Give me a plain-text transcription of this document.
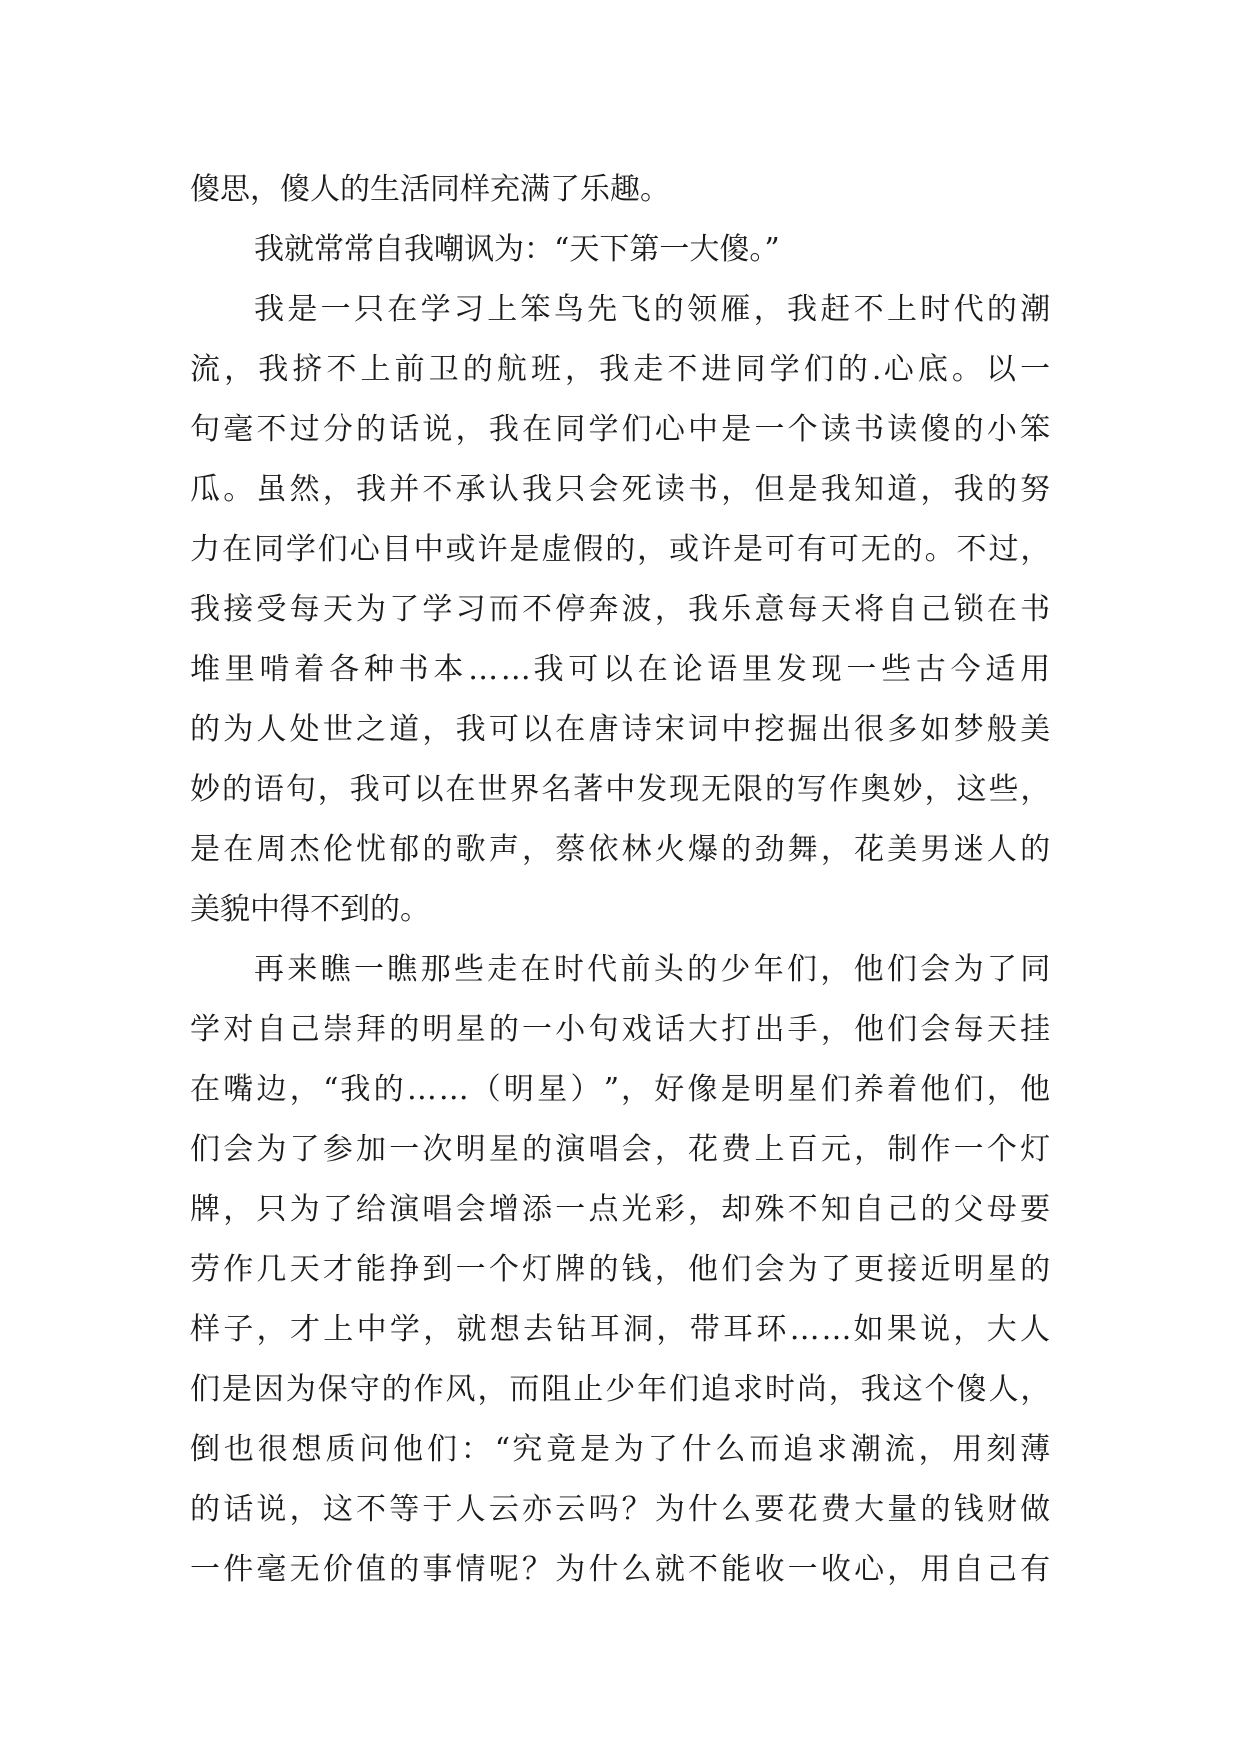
傻思，傻人的生活同样充满了乐趣。
我就常常自我嘲讽为：“天下第一大傻。”
我 是 一 只 在 学 习 上 笨 鸟 先 飞 的 领 雁 ， 我 赶 不 上 时 代 的 潮
流 ， 我 挤 不 上 前 卫 的 航 班 ， 我 走 不 进 同 学 们 的 . 心 底 。 以 一
句 毫 不 过 分 的 话 说 ， 我 在 同 学 们 心 中 是 一 个 读 书 读 傻 的 小 笨
瓜 。 虽 然 ， 我 并 不 承 认 我 只 会 死 读 书 ， 但 是 我 知 道 ， 我 的 努
力 在 同 学 们 心 目 中 或 许 是 虚 假 的 ， 或 许 是 可 有 可 无 的 。 不 过 ，
我 接 受 每 天 为 了 学 习 而 不 停 奔 波 ， 我 乐 意 每 天 将 自 己 锁 在 书
堆 里 啃 着 各 种 书 本 … … 我 可 以 在 论 语 里 发 现 一 些 古 今 适 用
的 为 人 处 世 之 道 ， 我 可 以 在 唐 诗 宋 词 中 挖 掘 出 很 多 如 梦 般 美
妙 的 语 句 ， 我 可 以 在 世 界 名 著 中 发 现 无 限 的 写 作 奥 妙 ， 这 些 ，
是 在 周 杰 伦 忧 郁 的 歌 声 ， 蔡 依 林 火 爆 的 劲 舞 ， 花 美 男 迷 人 的
美貌中得不到的。
再 来 瞧 一 瞧 那 些 走 在 时 代 前 头 的 少 年 们 ， 他 们 会 为 了 同
学 对 自 己 崇 拜 的 明 星 的 一 小 句 戏 话 大 打 出 手 ， 他 们 会 每 天 挂
在 嘴 边 ， “ 我 的 … … （ 明 星 ） ” ， 好 像 是 明 星 们 养 着 他 们 ， 他
们 会 为 了 参 加 一 次 明 星 的 演 唱 会 ， 花 费 上 百 元 ， 制 作 一 个 灯
牌 ， 只 为 了 给 演 唱 会 增 添 一 点 光 彩 ， 却 殊 不 知 自 己 的 父 母 要
劳 作 几 天 才 能 挣 到 一 个 灯 牌 的 钱 ， 他 们 会 为 了 更 接 近 明 星 的
样 子 ， 才 上 中 学 ， 就 想 去 钻 耳 洞 ， 带 耳 环 … … 如 果 说 ， 大 人
们 是 因 为 保 守 的 作 风 ， 而 阻 止 少 年 们 追 求 时 尚 ， 我 这 个 傻 人 ，
倒 也 很 想 质 问 他 们 ： “ 究 竟 是 为 了 什 么 而 追 求 潮 流 ， 用 刻 薄
的 话 说 ， 这 不 等 于 人 云 亦 云 吗 ？ 为 什 么 要 花 费 大 量 的 钱 财 做
一 件 毫 无 价 值 的 事 情 呢 ？ 为 什 么 就 不 能 收 一 收 心 ， 用 自 己 有
